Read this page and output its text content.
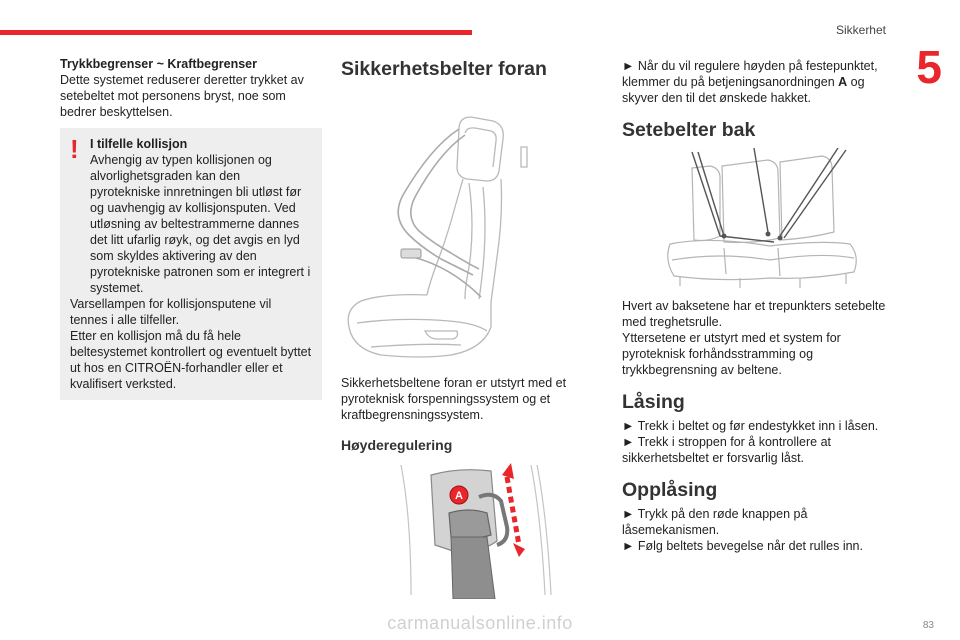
Sikkerhet
5

Trykkbegrenser ~ Kraftbegrenser

Dette systemet reduserer deretter trykket av setebeltet mot personens bryst, noe som bedrer beskyttelsen.

! I tilfelle kollisjon
Avhengig av typen kollisjonen og alvorlighetsgraden kan den pyrotekniske innretningen bli utløst før og uavhengig av kollisjonsputen. Ved utløsning av beltestrammerne dannes det litt ufarlig røyk, og det avgis en lyd som skyldes aktivering av den pyrotekniske patronen som er integrert i systemet.
Varsellampen for kollisjonsputene vil tennes i alle tilfeller.
Etter en kollisjon må du få hele beltesystemet kontrollert og eventuelt byttet ut hos en CITROËN-forhandler eller et kvalifisert verksted.
Sikkerhetsbelter foran

Sikkerhetsbeltene foran er utstyrt med et pyroteknisk forspenningssystem og et kraftbegrensningssystem.

Høyderegulering
A

► Når du vil regulere høyden på festepunktet, klemmer du på betjeningsanordningen A og skyver den til det ønskede hakket.

Setebelter bak

Hvert av baksetene har et trepunkters setebelte med treghetsrulle.

Yttersetene er utstyrt med et system for pyroteknisk forhåndsstramming og trykkbegrensning av beltene.

Låsing

► Trekk i beltet og før endestykket inn i låsen.

► Trekk i stroppen for å kontrollere at sikkerhetsbeltet er forsvarlig låst.

Opplåsing

► Trykk på den røde knappen på låsemekanismen.

► Følg beltets bevegelse når det rulles inn.

carmanualsonline.info	83
